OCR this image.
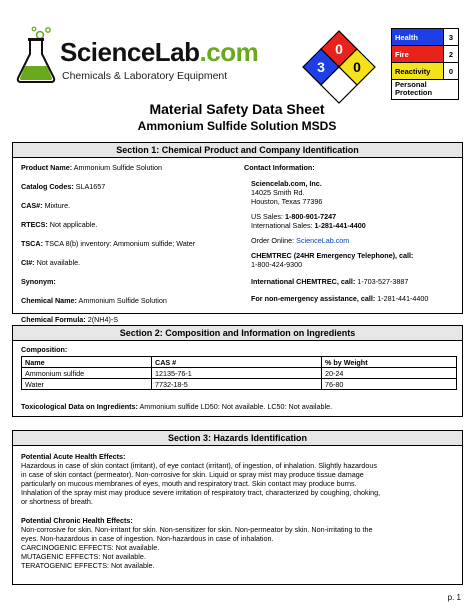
ScienceLab.com
Chemicals & Laboratory Equipment
0
3 0
Health	3
Fire	2
Reactivity	0
Personal Protection
Material Safety Data Sheet
Ammonium Sulfide Solution MSDS
Section 1: Chemical Product and Company Identification
Product Name: Ammonium Sulfide Solution
Catalog Codes: SLA1657
CAS#: Mixture.
RTECS: Not applicable.
TSCA: TSCA 8(b) inventory: Ammonium sulfide; Water
CI#: Not available.
Synonym:
Chemical Name: Ammonium Sulfide Solution
Chemical Formula: 2(NH4)-S
Contact Information:
Sciencelab.com, Inc.
14025 Smith Rd.
Houston, Texas 77396
US Sales: 1-800-901-7247
International Sales: 1-281-441-4400
Order Online: ScienceLab.com
CHEMTREC (24HR Emergency Telephone), call:
1-800-424-9300
International CHEMTREC, call: 1-703-527-3887
For non-emergency assistance, call: 1-281-441-4400
Section 2: Composition and Information on Ingredients
Composition:
Name	CAS #	% by Weight
Ammonium sulfide	12135-76-1	20-24
Water	7732-18-5	76-80
Toxicological Data on Ingredients: Ammonium sulfide LD50: Not available. LC50: Not available.
Section 3: Hazards Identification
Potential Acute Health Effects:
Hazardous in case of skin contact (irritant), of eye contact (irritant), of ingestion, of inhalation. Slightly hazardous
in case of skin contact (permeator). Non-corrosive for skin. Liquid or spray mist may produce tissue damage
particularly on mucous membranes of eyes, mouth and respiratory tract. Skin contact may produce burns.
Inhalation of the spray mist may produce severe irritation of respiratory tract, characterized by coughing, choking,
or shortness of breath.
Potential Chronic Health Effects:
Non-corrosive for skin. Non-irritant for skin. Non-sensitizer for skin. Non-permeator by skin. Non-irritating to the
eyes. Non-hazardous in case of ingestion. Non-hazardous in case of inhalation.
CARCINOGENIC EFFECTS: Not available.
MUTAGENIC EFFECTS: Not available.
TERATOGENIC EFFECTS: Not available.
p. 1
